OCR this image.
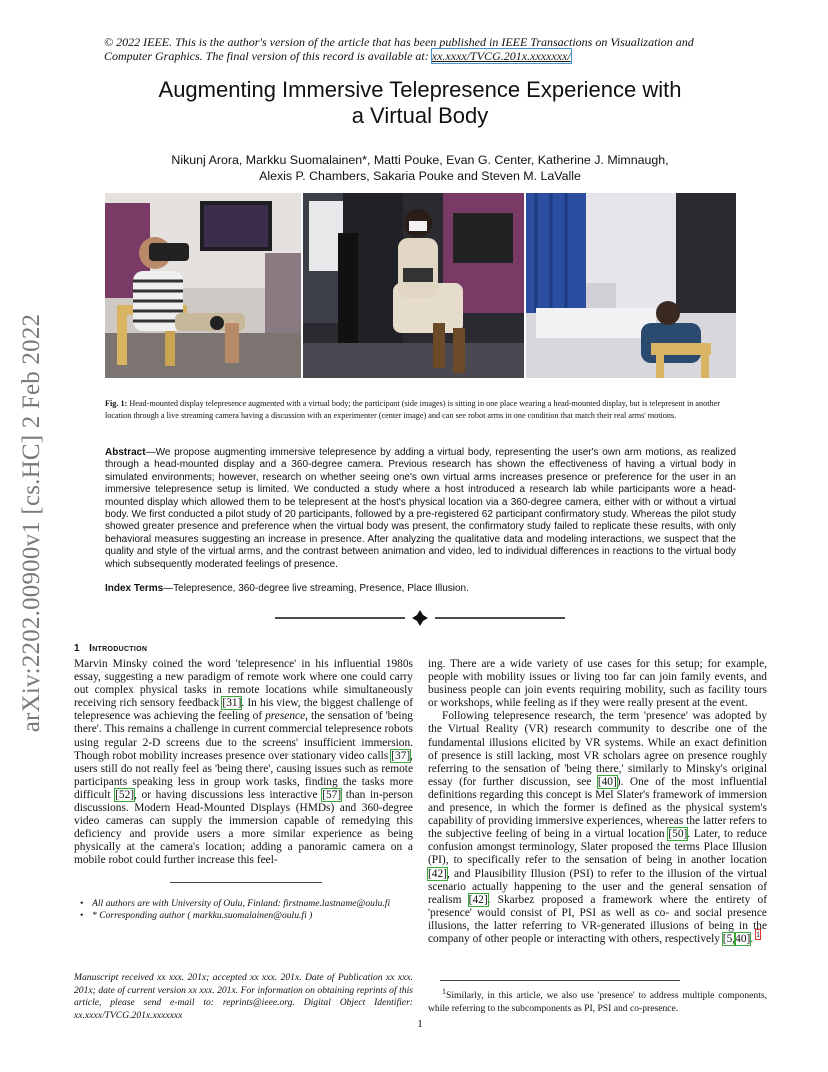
arXiv:2202.00900v1 [cs.HC] 2 Feb 2022
© 2022 IEEE. This is the author's version of the article that has been published in IEEE Transactions on Visualization and Computer Graphics. The final version of this record is available at: xx.xxxx/TVCG.201x.xxxxxxx/
Augmenting Immersive Telepresence Experience with
a Virtual Body
Nikunj Arora, Markku Suomalainen*, Matti Pouke, Evan G. Center, Katherine J. Mimnaugh,
Alexis P. Chambers, Sakaria Pouke and Steven M. LaValle
Fig. 1: Head-mounted display telepresence augmented with a virtual body; the participant (side images) is sitting in one place wearing a head-mounted display, but is telepresent in another location through a live streaming camera having a discussion with an experimenter (center image) and can see robot arms in one condition that match their real arms' motions.
Abstract—We propose augmenting immersive telepresence by adding a virtual body, representing the user's own arm motions, as realized through a head-mounted display and a 360-degree camera. Previous research has shown the effectiveness of having a virtual body in simulated environments; however, research on whether seeing one's own virtual arms increases presence or preference for the user in an immersive telepresence setup is limited. We conducted a study where a host introduced a research lab while participants wore a head-mounted display which allowed them to be telepresent at the host's physical location via a 360-degree camera, either with or without a virtual body. We first conducted a pilot study of 20 participants, followed by a pre-registered 62 participant confirmatory study. Whereas the pilot study showed greater presence and preference when the virtual body was present, the confirmatory study failed to replicate these results, with only behavioral measures suggesting an increase in presence. After analyzing the qualitative data and modeling interactions, we suspect that the quality and style of the virtual arms, and the contrast between animation and video, led to individual differences in reactions to the virtual body which subsequently moderated feelings of presence.
Index Terms—Telepresence, 360-degree live streaming, Presence, Place Illusion.
1 Introduction

Marvin Minsky coined the word 'telepresence' in his influential 1980s essay, suggesting a new paradigm of remote work where one could carry out complex physical tasks in remote locations while simultaneously receiving rich sensory feedback [31]. In his view, the biggest challenge of telepresence was achieving the feeling of presence, the sensation of 'being there'. This remains a challenge in current commercial telepresence robots using regular 2-D screens due to the screens' insufficient immersion. Though robot mobility increases presence over stationary video calls [37], users still do not really feel as 'being there', causing issues such as remote participants speaking less in group work tasks, finding the tasks more difficult [52], or having discussions less interactive [57] than in-person discussions. Modern Head-Mounted Displays (HMDs) and 360-degree video cameras can supply the immersion capable of remedying this deficiency and provide users a more similar experience as being physically at the camera's location; adding a panoramic camera on a mobile robot could further increase this feel-

• All authors are with University of Oulu, Finland: firstname.lastname@oulu.fi
• * Corresponding author ( markku.suomalainen@oulu.fi )
Manuscript received xx xxx. 201x; accepted xx xxx. 201x. Date of Publication xx xxx. 201x; date of current version xx xxx. 201x. For information on obtaining reprints of this article, please send e-mail to: reprints@ieee.org. Digital Object Identifier: xx.xxxx/TVCG.201x.xxxxxxx

ing. There are a wide variety of use cases for this setup; for example, people with mobility issues or living too far can join family events, and business people can join events requiring mobility, such as facility tours or workshops, while feeling as if they were really present at the event.

Following telepresence research, the term 'presence' was adopted by the Virtual Reality (VR) research community to describe one of the fundamental illusions elicited by VR systems. While an exact definition of presence is still lacking, most VR scholars agree on presence roughly referring to the sensation of 'being there,' similarly to Minsky's original essay (for further discussion, see [40]). One of the most influential definitions regarding this concept is Mel Slater's framework of immersion and presence, in which the former is defined as the physical system's capability of providing immersive experiences, whereas the latter refers to the subjective feeling of being in a virtual location [50]. Later, to reduce confusion amongst terminology, Slater proposed the terms Place Illusion (PI), to specifically refer to the sensation of being in another location [42], and Plausibility Illusion (PSI) to refer to the illusion of the virtual scenario actually happening to the user and the general sensation of realism [42]. Skarbez proposed a framework where the entirety of 'presence' would consist of PI, PSI as well as co- and social presence illusions, the latter referring to VR-generated illusions of being in the company of other people or interacting with others, respectively [5,40]. $^1$

$^1$Similarly, in this article, we also use 'presence' to address multiple components, while referring to the subcomponents as PI, PSI and co-presence.
1
